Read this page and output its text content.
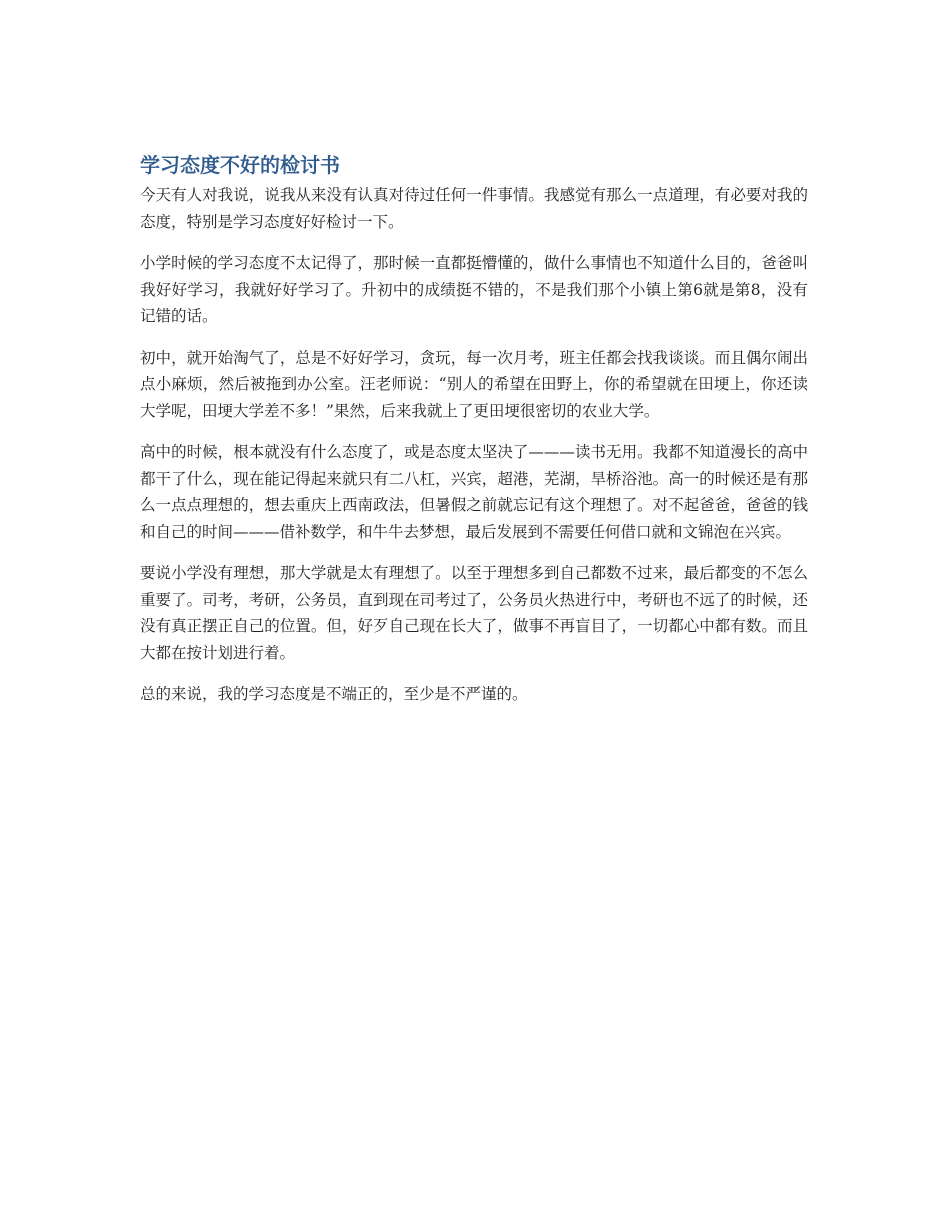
学习态度不好的检讨书

今天有人对我说，说我从来没有认真对待过任何一件事情。我感觉有那么一点道理，有必要对我的态度，特别是学习态度好好检讨一下。

小学时候的学习态度不太记得了，那时候一直都挺懵懂的，做什么事情也不知道什么目的，爸爸叫我好好学习，我就好好学习了。升初中的成绩挺不错的，不是我们那个小镇上第6就是第8，没有记错的话。

初中，就开始淘气了，总是不好好学习，贪玩，每一次月考，班主任都会找我谈谈。而且偶尔闹出点小麻烦，然后被拖到办公室。汪老师说：“别人的希望在田野上，你的希望就在田埂上，你还读大学呢，田埂大学差不多！”果然，后来我就上了更田埂很密切的农业大学。

高中的时候，根本就没有什么态度了，或是态度太坚决了———读书无用。我都不知道漫长的高中都干了什么，现在能记得起来就只有二八杠，兴宾，超港，芜湖，旱桥浴池。高一的时候还是有那么一点点理想的，想去重庆上西南政法，但暑假之前就忘记有这个理想了。对不起爸爸，爸爸的钱和自己的时间———借补数学，和牛牛去梦想，最后发展到不需要任何借口就和文锦泡在兴宾。

要说小学没有理想，那大学就是太有理想了。以至于理想多到自己都数不过来，最后都变的不怎么重要了。司考，考研，公务员，直到现在司考过了，公务员火热进行中，考研也不远了的时候，还没有真正摆正自己的位置。但，好歹自己现在长大了，做事不再盲目了，一切都心中都有数。而且大都在按计划进行着。

总的来说，我的学习态度是不端正的，至少是不严谨的。
